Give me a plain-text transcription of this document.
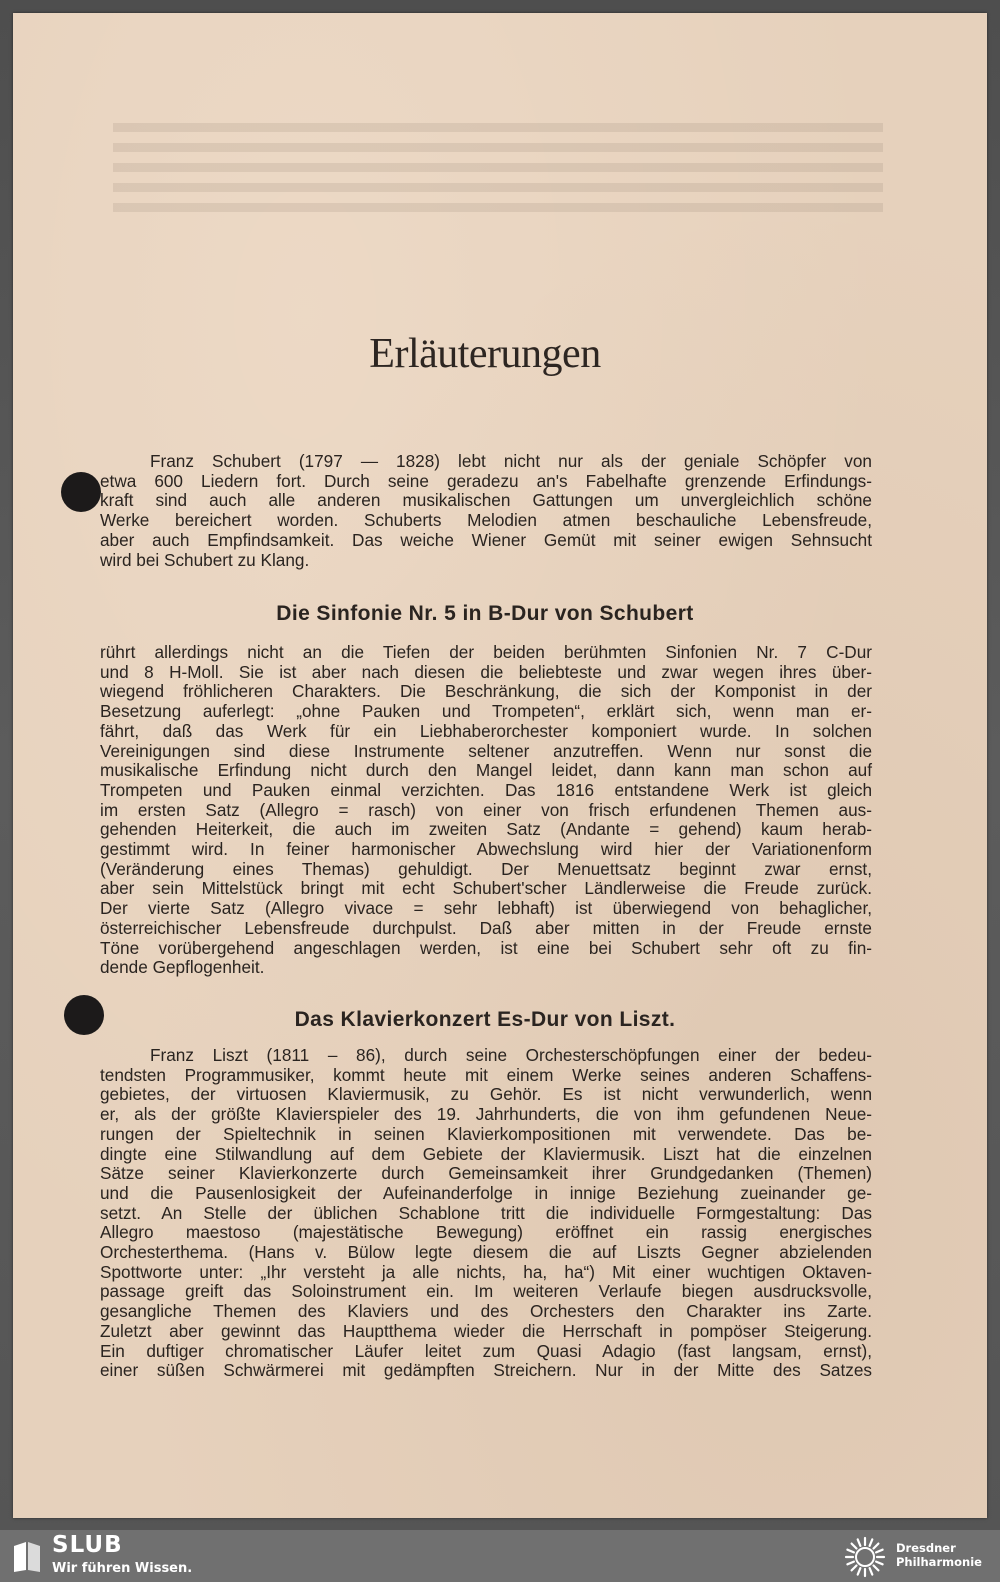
Erläuterungen
Franz Schubert (1797 — 1828) lebt nicht nur als der geniale Schöpfer von
etwa 600 Liedern fort. Durch seine geradezu an's Fabelhafte grenzende Erfindungs-
kraft sind auch alle anderen musikalischen Gattungen um unvergleichlich schöne
Werke bereichert worden. Schuberts Melodien atmen beschauliche Lebensfreude,
aber auch Empfindsamkeit. Das weiche Wiener Gemüt mit seiner ewigen Sehnsucht
wird bei Schubert zu Klang.
Die Sinfonie Nr. 5 in B-Dur von Schubert
rührt allerdings nicht an die Tiefen der beiden berühmten Sinfonien Nr. 7 C-Dur
und 8 H-Moll. Sie ist aber nach diesen die beliebteste und zwar wegen ihres über-
wiegend fröhlicheren Charakters. Die Beschränkung, die sich der Komponist in der
Besetzung auferlegt: „ohne Pauken und Trompeten“, erklärt sich, wenn man er-
fährt, daß das Werk für ein Liebhaberorchester komponiert wurde. In solchen
Vereinigungen sind diese Instrumente seltener anzutreffen. Wenn nur sonst die
musikalische Erfindung nicht durch den Mangel leidet, dann kann man schon auf
Trompeten und Pauken einmal verzichten. Das 1816 entstandene Werk ist gleich
im ersten Satz (Allegro = rasch) von einer von frisch erfundenen Themen aus-
gehenden Heiterkeit, die auch im zweiten Satz (Andante = gehend) kaum herab-
gestimmt wird. In feiner harmonischer Abwechslung wird hier der Variationenform
(Veränderung eines Themas) gehuldigt. Der Menuettsatz beginnt zwar ernst,
aber sein Mittelstück bringt mit echt Schubert'scher Ländlerweise die Freude zurück.
Der vierte Satz (Allegro vivace = sehr lebhaft) ist überwiegend von behaglicher,
österreichischer Lebensfreude durchpulst. Daß aber mitten in der Freude ernste
Töne vorübergehend angeschlagen werden, ist eine bei Schubert sehr oft zu fin-
dende Gepflogenheit.
Das Klavierkonzert Es-Dur von Liszt.
Franz Liszt (1811 – 86), durch seine Orchesterschöpfungen einer der bedeu-
tendsten Programmusiker, kommt heute mit einem Werke seines anderen Schaffens-
gebietes, der virtuosen Klaviermusik, zu Gehör. Es ist nicht verwunderlich, wenn
er, als der größte Klavierspieler des 19. Jahrhunderts, die von ihm gefundenen Neue-
rungen der Spieltechnik in seinen Klavierkompositionen mit verwendete. Das be-
dingte eine Stilwandlung auf dem Gebiete der Klaviermusik. Liszt hat die einzelnen
Sätze seiner Klavierkonzerte durch Gemeinsamkeit ihrer Grundgedanken (Themen)
und die Pausenlosigkeit der Aufeinanderfolge in innige Beziehung zueinander ge-
setzt. An Stelle der üblichen Schablone tritt die individuelle Formgestaltung: Das
Allegro maestoso (majestätische Bewegung) eröffnet ein rassig energisches
Orchesterthema. (Hans v. Bülow legte diesem die auf Liszts Gegner abzielenden
Spottworte unter: „Ihr versteht ja alle nichts, ha, ha“) Mit einer wuchtigen Oktaven-
passage greift das Soloinstrument ein. Im weiteren Verlaufe biegen ausdrucksvolle,
gesangliche Themen des Klaviers und des Orchesters den Charakter ins Zarte.
Zuletzt aber gewinnt das Hauptthema wieder die Herrschaft in pompöser Steigerung.
Ein duftiger chromatischer Läufer leitet zum Quasi Adagio (fast langsam, ernst),
einer süßen Schwärmerei mit gedämpften Streichern. Nur in der Mitte des Satzes
SLUB
Wir führen Wissen.
Dresdner
Philharmonie
